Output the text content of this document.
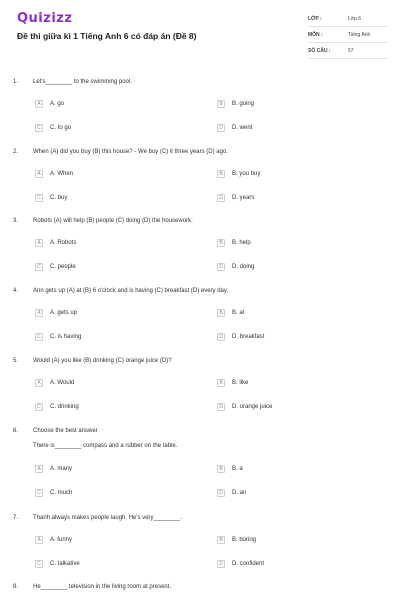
Quizizz
Đề thi giữa kì 1 Tiếng Anh 6 có đáp án (Đề 8)
LỚP :	Lớp 6
MÔN :	Tiếng Anh
SỐ CÂU :	57
1. Let's________ to the swimming pool.
A	A. go	B	B. going
C	C. to go	D	D. went
2. When (A) did you buy (B) this house? - We buy (C) it three years (D) ago.
A	A. When	B	B. you buy
C	C. buy	D	D. years
3. Robots (A) will help (B) people (C) doing (D) the housework.
A	A. Robots	B	B. help
C	C. people	D	D. doing
4. Ann gets up (A) at (B) 6 o'clock and is having (C) breakfast (D) every day.
A	A. gets up	B	B. at
C	C. is having	D	D. breakfast
5. Would (A) you like (B) drinking (C) orange juice (D)?
A	A. Would	B	B. like
C	C. drinking	D	D. orange juice
6. Choose the best answer
There is________ compass and a rubber on the table.
A	A. many	B	B. a
C	C. much	D	D. an
7. Thanh always makes people laugh. He's very________.
A	A. funny	B	B. boring
C	C. talkative	D	D. confident
8. He________ television in the living room at present.
